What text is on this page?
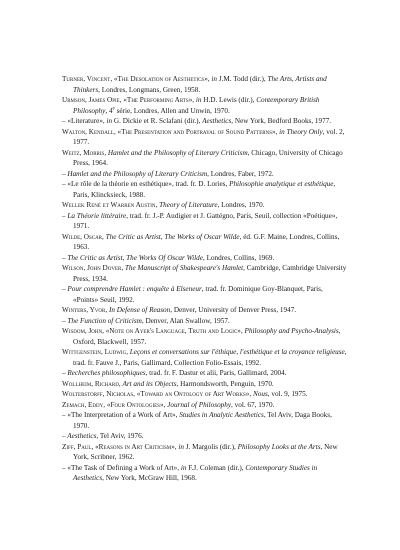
Turner, Vincent, «The Desolation of Aesthetics», in J.M. Todd (dir.), The Arts, Artists and Thinkers, Londres, Longmans, Green, 1958.

Urmson, James Opie, «The Performing Arts», in H.D. Lewis (dir.), Contemporary British Philosophy, 4e série, Londres, Allen and Unwin, 1970.

– «Literature», in G. Dickie et R. Sclafani (dir.), Aesthetics, New York, Bedford Books, 1977.

Walton, Kendall, «The Presentation and Portrayal of Sound Patterns», in Theory Only, vol. 2, 1977.

Weitz, Morris, Hamlet and the Philosophy of Literary Criticism, Chicago, University of Chicago Press, 1964.

– Hamlet and the Philosophy of Literary Criticism, Londres, Faber, 1972.

– «Le rôle de la théorie en esthétique», trad. fr. D. Lories, Philosophie analytique et esthétique, Paris, Klincksieck, 1988.

Wellek René et Warren Austin, Theory of Literature, Londres, 1970.

– La Théorie littéraire, trad. fr. J.-P. Audigier et J. Gattégno, Paris, Seuil, collection «Poétique», 1971.

Wilde, Oscar, The Critic as Artist, The Works of Oscar Wilde, éd. G.F. Maine, Londres, Collins, 1963.

– The Critic as Artist, The Works Of Oscar Wilde, Londres, Collins, 1969.

Wilson, John Dover, The Manuscript of Shakespeare's Hamlet, Cambridge, Cambridge University Press, 1934.

– Pour comprendre Hamlet : enquête à Elseneur, trad. fr. Dominique Goy-Blanquet, Paris, «Points» Seuil, 1992.

Winters, Yvor, In Defense of Reason, Denver, University of Denver Press, 1947.

– The Function of Criticism, Denver, Alan Swallow, 1957.

Wisdom, John, «Note on Ayer's Language, Truth and Logic», Philosophy and Psycho-Analysis, Oxford, Blackwell, 1957.

Wittgenstein, Ludwig, Leçons et conversations sur l'éthique, l'esthétique et la croyance religieuse, trad. fr. Fauve J., Paris, Gallimard, Collection Folio-Essais, 1992.

– Recherches philosophiques, trad. fr. F. Dastur et alii, Paris, Gallimard, 2004.

Wollheim, Richard, Art and its Objects, Harmondsworth, Penguin, 1970.

Wolterstorff, Nicholas, «Toward an Ontology of Art Works», Nous, vol. 9, 1975.

Zemach, Eddy, «Four Ontologies», Journal of Philosophy, vol. 67, 1970.

– «The Interpretation of a Work of Art», Studies in Analytic Aesthetics, Tel Aviv, Daga Books, 1970.

– Aesthetics, Tel Aviv, 1976.

Ziff, Paul, «Reasons in Art Criticism», in J. Margolis (dir.), Philosophy Looks at the Arts, New York, Scribner, 1962.

– «The Task of Defining a Work of Art», in F.J. Coleman (dir.), Contemporary Studies in Aesthetics, New York, McGraw Hill, 1968.
